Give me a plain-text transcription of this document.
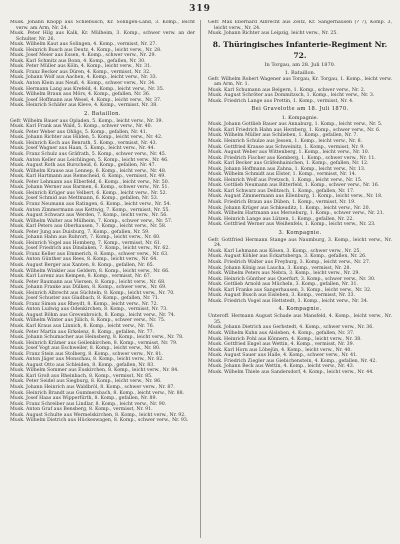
319

Musk. Johann Knopp aus Schlebusch, Kr. Solingen-Land, 3. Komp., leicht verw. am Arm, Nr. 24.

Musk. Peter Hilg aus Kalk, Kr. Mülheim, 3. Komp., schwer verw. an der Schulter, Nr. 26.

Musk. Wilhelm Kaut aus Solingen, 4. Komp., vermisst, Nr. 27.

Musk. Heinrich Busch aus Deutz, 4. Komp., leicht verw., Nr. 28.

Musk. Josef Meier aus Essen, 4. Komp., schwer verw., Nr. 29.

Musk. Karl Schmitz aus Bonn, 4. Komp., gefallen, Nr. 30.

Musk. Peter Müller aus Köln, 4. Komp., leicht verw., Nr. 31.

Musk. Franz Becker aus Düren, 4. Komp., vermisst, Nr. 32.

Musk. Johann Wolf aus Aachen, 4. Komp., leicht verw., Nr. 33.

Musk. Anton Klein aus Neuß, 4. Komp., schwer verw., Nr. 34.

Musk. Hermann Lang aus Krefeld, 4. Komp., leicht verw., Nr. 35.

Musk. Wilhelm Braun aus Mörs, 4. Komp., gefallen, Nr. 36.

Musk. Josef Hoffmann aus Wesel, 4. Komp., leicht verw., Nr. 37.

Musk. Heinrich Schäfer aus Kleve, 4. Komp., vermisst, Nr. 38.

2. Bataillon.

Gefr. Wilhelm Bauer aus Opladen, 5. Komp., leicht verw., Nr. 39.

Musk. Karl Frank aus Wald, 5. Komp., schwer verw., Nr. 40.

Musk. Peter Weber aus Ohligs, 5. Komp., gefallen, Nr. 41.

Musk. Johann Richter aus Hilden, 5. Komp., leicht verw., Nr. 42.

Musk. Heinrich Koch aus Benrath, 5. Komp., vermisst, Nr. 43.

Musk. Josef Wagner aus Haan, 5. Komp., leicht verw., Nr. 44.

Musk. Franz Schulz aus Gräfrath, 5. Komp., schwer verw., Nr. 45.

Musk. Anton Keller aus Leichlingen, 5. Komp., leicht verw., Nr. 46.

Musk. August Roth aus Burscheid, 6. Komp., gefallen, Nr. 47.

Musk. Wilhelm Krause aus Lennep, 6. Komp., leicht verw., Nr. 48.

Musk. Karl Hartmann aus Remscheid, 6. Komp., vermisst, Nr. 49.

Musk. Peter Lehmann aus Elberfeld, 6. Komp., leicht verw., Nr. 50.

Musk. Johann Werner aus Barmen, 6. Komp., schwer verw., Nr. 51.

Musk. Heinrich Krüger aus Velbert, 6. Komp., leicht verw., Nr. 52.

Musk. Josef Schmid aus Mettmann, 6. Komp., gefallen, Nr. 53.

Musk. Franz Neumann aus Ratingen, 6. Komp., leicht verw., Nr. 54.

Musk. Anton Zimmermann aus Kettwig, 7. Komp., vermisst, Nr. 55.

Musk. August Schwarz aus Werden, 7. Komp., leicht verw., Nr. 56.

Musk. Wilhelm Walter aus Mülheim, 7. Komp., schwer verw., Nr. 57.

Musk. Karl Peters aus Oberhausen, 7. Komp., leicht verw., Nr. 58.

Musk. Peter Jung aus Duisburg, 7. Komp., gefallen, Nr. 59.

Musk. Johann Hahn aus Ruhrort, 7. Komp., leicht verw., Nr. 60.

Musk. Heinrich Vogel aus Homberg, 7. Komp., vermisst, Nr. 61.

Musk. Josef Friedrich aus Dinslaken, 7. Komp., leicht verw., Nr. 62.

Musk. Franz Keller aus Emmerich, 8. Komp., schwer verw., Nr. 63.

Musk. Anton Günther aus Rees, 8. Komp., leicht verw., Nr. 64.

Musk. August Berger aus Xanten, 8. Komp., gefallen, Nr. 65.

Musk. Wilhelm Winkler aus Geldern, 8. Komp., leicht verw., Nr. 66.

Musk. Karl Lorenz aus Kempen, 8. Komp., vermisst, Nr. 67.

Musk. Peter Baumann aus Viersen, 8. Komp., leicht verw., Nr. 68.

Musk. Johann Franke aus Dülken, 8. Komp., schwer verw., Nr. 69.

Musk. Heinrich Albrecht aus Süchteln, 8. Komp., leicht verw., Nr. 70.

Musk. Josef Schuster aus Gladbach, 8. Komp., gefallen, Nr. 71.

Musk. Franz Simon aus Rheydt, 8. Komp., leicht verw., Nr. 72.

Musk. Anton Ludwig aus Odenkirchen, 8. Komp., vermisst, Nr. 73.

Musk. August Böhm aus Grevenbroich, 8. Komp., leicht verw., Nr. 74.

Musk. Wilhelm Winter aus Jülich, 8. Komp., schwer verw., Nr. 75.

Musk. Karl Kraus aus Linnich, 8. Komp., leicht verw., Nr. 76.

Musk. Peter Martin aus Erkelenz, 8. Komp., gefallen, Nr. 77.

Musk. Johann Schumacher aus Heinsberg, 8. Komp., leicht verw., Nr. 78.

Musk. Heinrich Krämer aus Geilenkirchen, 8. Komp., vermisst, Nr. 79.

Musk. Josef Vogt aus Eschweiler, 8. Komp., leicht verw., Nr. 80.

Musk. Franz Stein aus Stolberg, 8. Komp., schwer verw., Nr. 81.

Musk. Anton Jäger aus Monschau, 8. Komp., leicht verw., Nr. 82.

Musk. August Otto aus Schleiden, 8. Komp., gefallen, Nr. 83.

Musk. Wilhelm Sommer aus Euskirchen, 8. Komp., leicht verw., Nr. 84.

Musk. Karl Groß aus Rheinbach, 8. Komp., vermisst, Nr. 85.

Musk. Peter Seidel aus Siegburg, 8. Komp., leicht verw., Nr. 86.

Musk. Johann Heinrich aus Waldbröl, 8. Komp., schwer verw., Nr. 87.

Musk. Heinrich Brandt aus Gummersbach, 8. Komp., leicht verw., Nr. 88.

Musk. Josef Haas aus Wipperfürth, 8. Komp., gefallen, Nr. 89.

Musk. Franz Schreiber aus Lindlar, 8. Komp., leicht verw., Nr. 90.

Musk. Anton Graf aus Bensberg, 8. Komp., vermisst, Nr. 91.

Musk. August Schulte aus Wermelskirchen, 8. Komp., leicht verw., Nr. 92.

Musk. Wilhelm Dietrich aus Hückeswagen, 8. Komp., schwer verw., Nr. 93.

Gefr. Max Eberhard Albrecht aus Zeitz, Kr. Sangerhausen (? 7), Komp. 3, leicht verw., Nr. 24.

Musk. Johann Richter aus Leipzig, leicht verw., Nr. 25.

8. Thüringisches Infanterie-Regiment Nr. 72.
In Torgau, am 28. Juli 1870.
1. Bataillon.

Gefr. Wilhelm Robert Wagener aus Torgau, Kr. Torgau, 1. Komp., leicht verw. am Arm, Nr. 1.

Musk. Karl Schumann aus Belgern, 1. Komp., schwer verw., Nr. 2.

Musk. August Schröter aus Dommitzsch, 1. Komp., leicht verw., Nr. 3.

Musk. Friedrich Lange aus Prettin, 1. Komp., vermisst, Nr. 4.

Bei Gravelotte am 18. Juli 1870.
1. Kompagnie.

Musk. Johann Gottlieb Bauer aus Annaburg, 1. Komp., leicht verw., Nr. 5.

Musk. Karl Friedrich Hahn aus Herzberg, 1. Komp., schwer verw., Nr. 6.

Musk. Wilhelm Müller aus Schlieben, 1. Komp., gefallen, Nr. 7.

Musk. Heinrich Schulze aus Jessen, 1. Komp., leicht verw., Nr. 8.

Musk. Gottfried Krause aus Schweinitz, 1. Komp., vermisst, Nr. 9.

Musk. August Weber aus Wittenberg, 1. Komp., leicht verw., Nr. 10.

Musk. Friedrich Fischer aus Kemberg, 1. Komp., schwer verw., Nr. 11.

Musk. Karl Becker aus Gräfenhainichen, 1. Komp., gefallen, Nr. 12.

Musk. Johann Hoffmann aus Zahna, 1. Komp., leicht verw., Nr. 13.

Musk. Wilhelm Schmidt aus Elster, 1. Komp., vermisst, Nr. 14.

Musk. Heinrich Wolf aus Pretzsch, 1. Komp., leicht verw., Nr. 15.

Musk. Gottlieb Neumann aus Bitterfeld, 1. Komp., schwer verw., Nr. 16.

Musk. Karl Schwarz aus Delitzsch, 1. Komp., gefallen, Nr. 17.

Musk. August Zimmermann aus Eilenburg, 1. Komp., leicht verw., Nr. 18.

Musk. Friedrich Braun aus Düben, 1. Komp., vermisst, Nr. 19.

Musk. Johann Krüger aus Schkeuditz, 1. Komp., leicht verw., Nr. 20.

Musk. Wilhelm Hartmann aus Merseburg, 1. Komp., schwer verw., Nr. 21.

Musk. Heinrich Lange aus Lützen, 1. Komp., gefallen, Nr. 22.

Musk. Gottfried Werner aus Weißenfels, 1. Komp., leicht verw., Nr. 23.

3. Kompagnie.

Gefr. Gottfried Hermann Stange aus Naumburg, 3. Komp., leicht verw., Nr. 24.

Musk. Karl Lehmann aus Kösen, 3. Komp., schwer verw., Nr. 25.

Musk. August Köhler aus Eckartsberga, 3. Komp., gefallen, Nr. 26.

Musk. Friedrich Walter aus Freyburg, 3. Komp., leicht verw., Nr. 27.

Musk. Johann König aus Laucha, 3. Komp., vermisst, Nr. 28.

Musk. Wilhelm Peters aus Nebra, 3. Komp., leicht verw., Nr. 29.

Musk. Heinrich Günther aus Querfurt, 3. Komp., schwer verw., Nr. 30.

Musk. Gottlieb Arnold aus Mücheln, 3. Komp., gefallen, Nr. 31.

Musk. Karl Franke aus Sangerhausen, 3. Komp., leicht verw., Nr. 32.

Musk. August Busch aus Eisleben, 3. Komp., vermisst, Nr. 33.

Musk. Friedrich Vogel aus Hettstedt, 3. Komp., leicht verw., Nr. 34.

4. Kompagnie.

Unteroff. Hermann August Schade aus Mansfeld, 4. Komp., leicht verw., Nr. 35.

Musk. Johann Dietrich aus Gerbstedt, 4. Komp., schwer verw., Nr. 36.

Musk. Wilhelm Kuhn aus Alsleben, 4. Komp., gefallen, Nr. 37.

Musk. Heinrich Pohl aus Könnern, 4. Komp., leicht verw., Nr. 38.

Musk. Gottfried Engel aus Wettin, 4. Komp., vermisst, Nr. 39.

Musk. Karl Horn aus Löbejün, 4. Komp., leicht verw., Nr. 40.

Musk. August Sauer aus Halle, 4. Komp., schwer verw., Nr. 41.

Musk. Friedrich Ziegler aus Giebichenstein, 4. Komp., gefallen, Nr. 42.

Musk. Johann Beck aus Wettin, 4. Komp., leicht verw., Nr. 43.

Musk. Wilhelm Thiele aus Sandersdorf, 4. Komp., leicht verw., Nr. 44.
